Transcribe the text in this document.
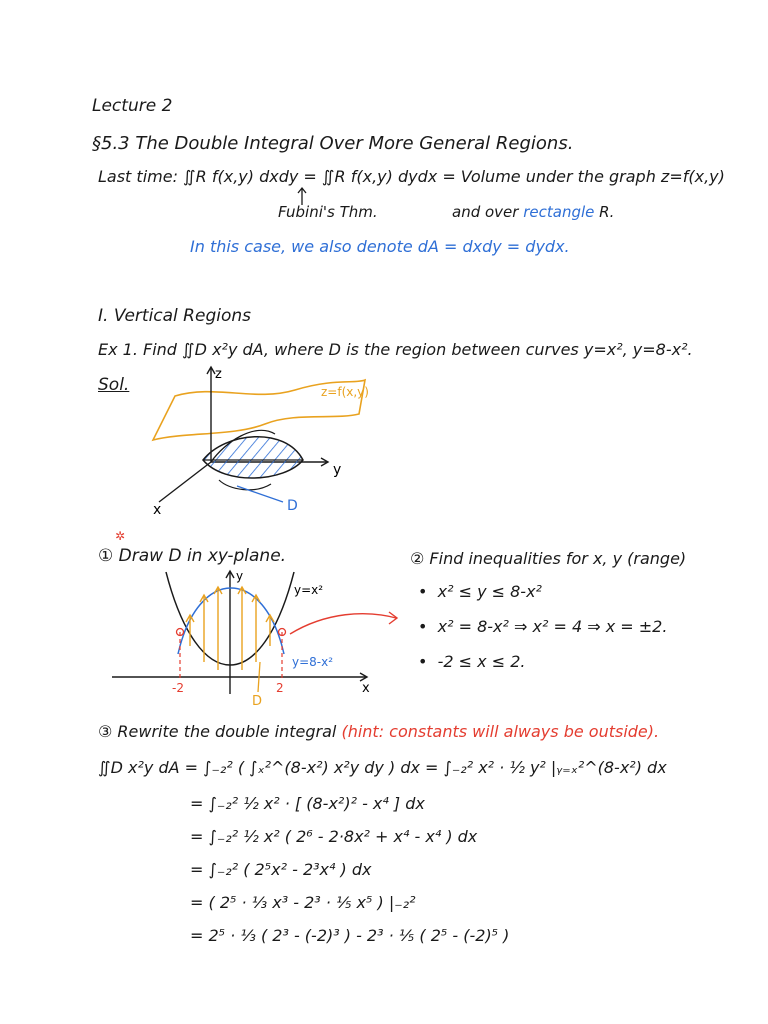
Lecture 2
§5.3 The Double Integral Over More General Regions.
Last time: ∬R f(x,y) dxdy = ∬R f(x,y) dydx = Volume under the graph z=f(x,y)
Fubini's Thm.	and over rectangle R.
In this case, we also denote dA = dxdy = dydx.
I. Vertical Regions
Ex 1. Find ∬D x²y dA, where D is the region between curves y=x², y=8-x².
Sol.
z
y
x
z=f(x,y)
D
① Draw D in xy-plane.
✲
y
x
y=x²
y=8-x²
-2	2
D
② Find inequalities for x, y (range)
•  x² ≤ y ≤ 8-x²
•  x² = 8-x² ⇒ x² = 4 ⇒ x = ±2.
•  -2 ≤ x ≤ 2.
③ Rewrite the double integral (hint: constants will always be outside).
∬D x²y dA = ∫₋₂² ( ∫ₓ²^(8-x²) x²y dy ) dx = ∫₋₂² x² · ½ y² |ᵧ₌ₓ²^(8-x²) dx
= ∫₋₂² ½ x² · [ (8-x²)² - x⁴ ] dx
= ∫₋₂² ½ x² ( 2⁶ - 2·8x² + x⁴ - x⁴ ) dx
= ∫₋₂² ( 2⁵x² - 2³x⁴ ) dx
= ( 2⁵ · ⅓ x³ - 2³ · ⅕ x⁵ ) |₋₂²
= 2⁵ · ⅓ ( 2³ - (-2)³ ) - 2³ · ⅕ ( 2⁵ - (-2)⁵ )
